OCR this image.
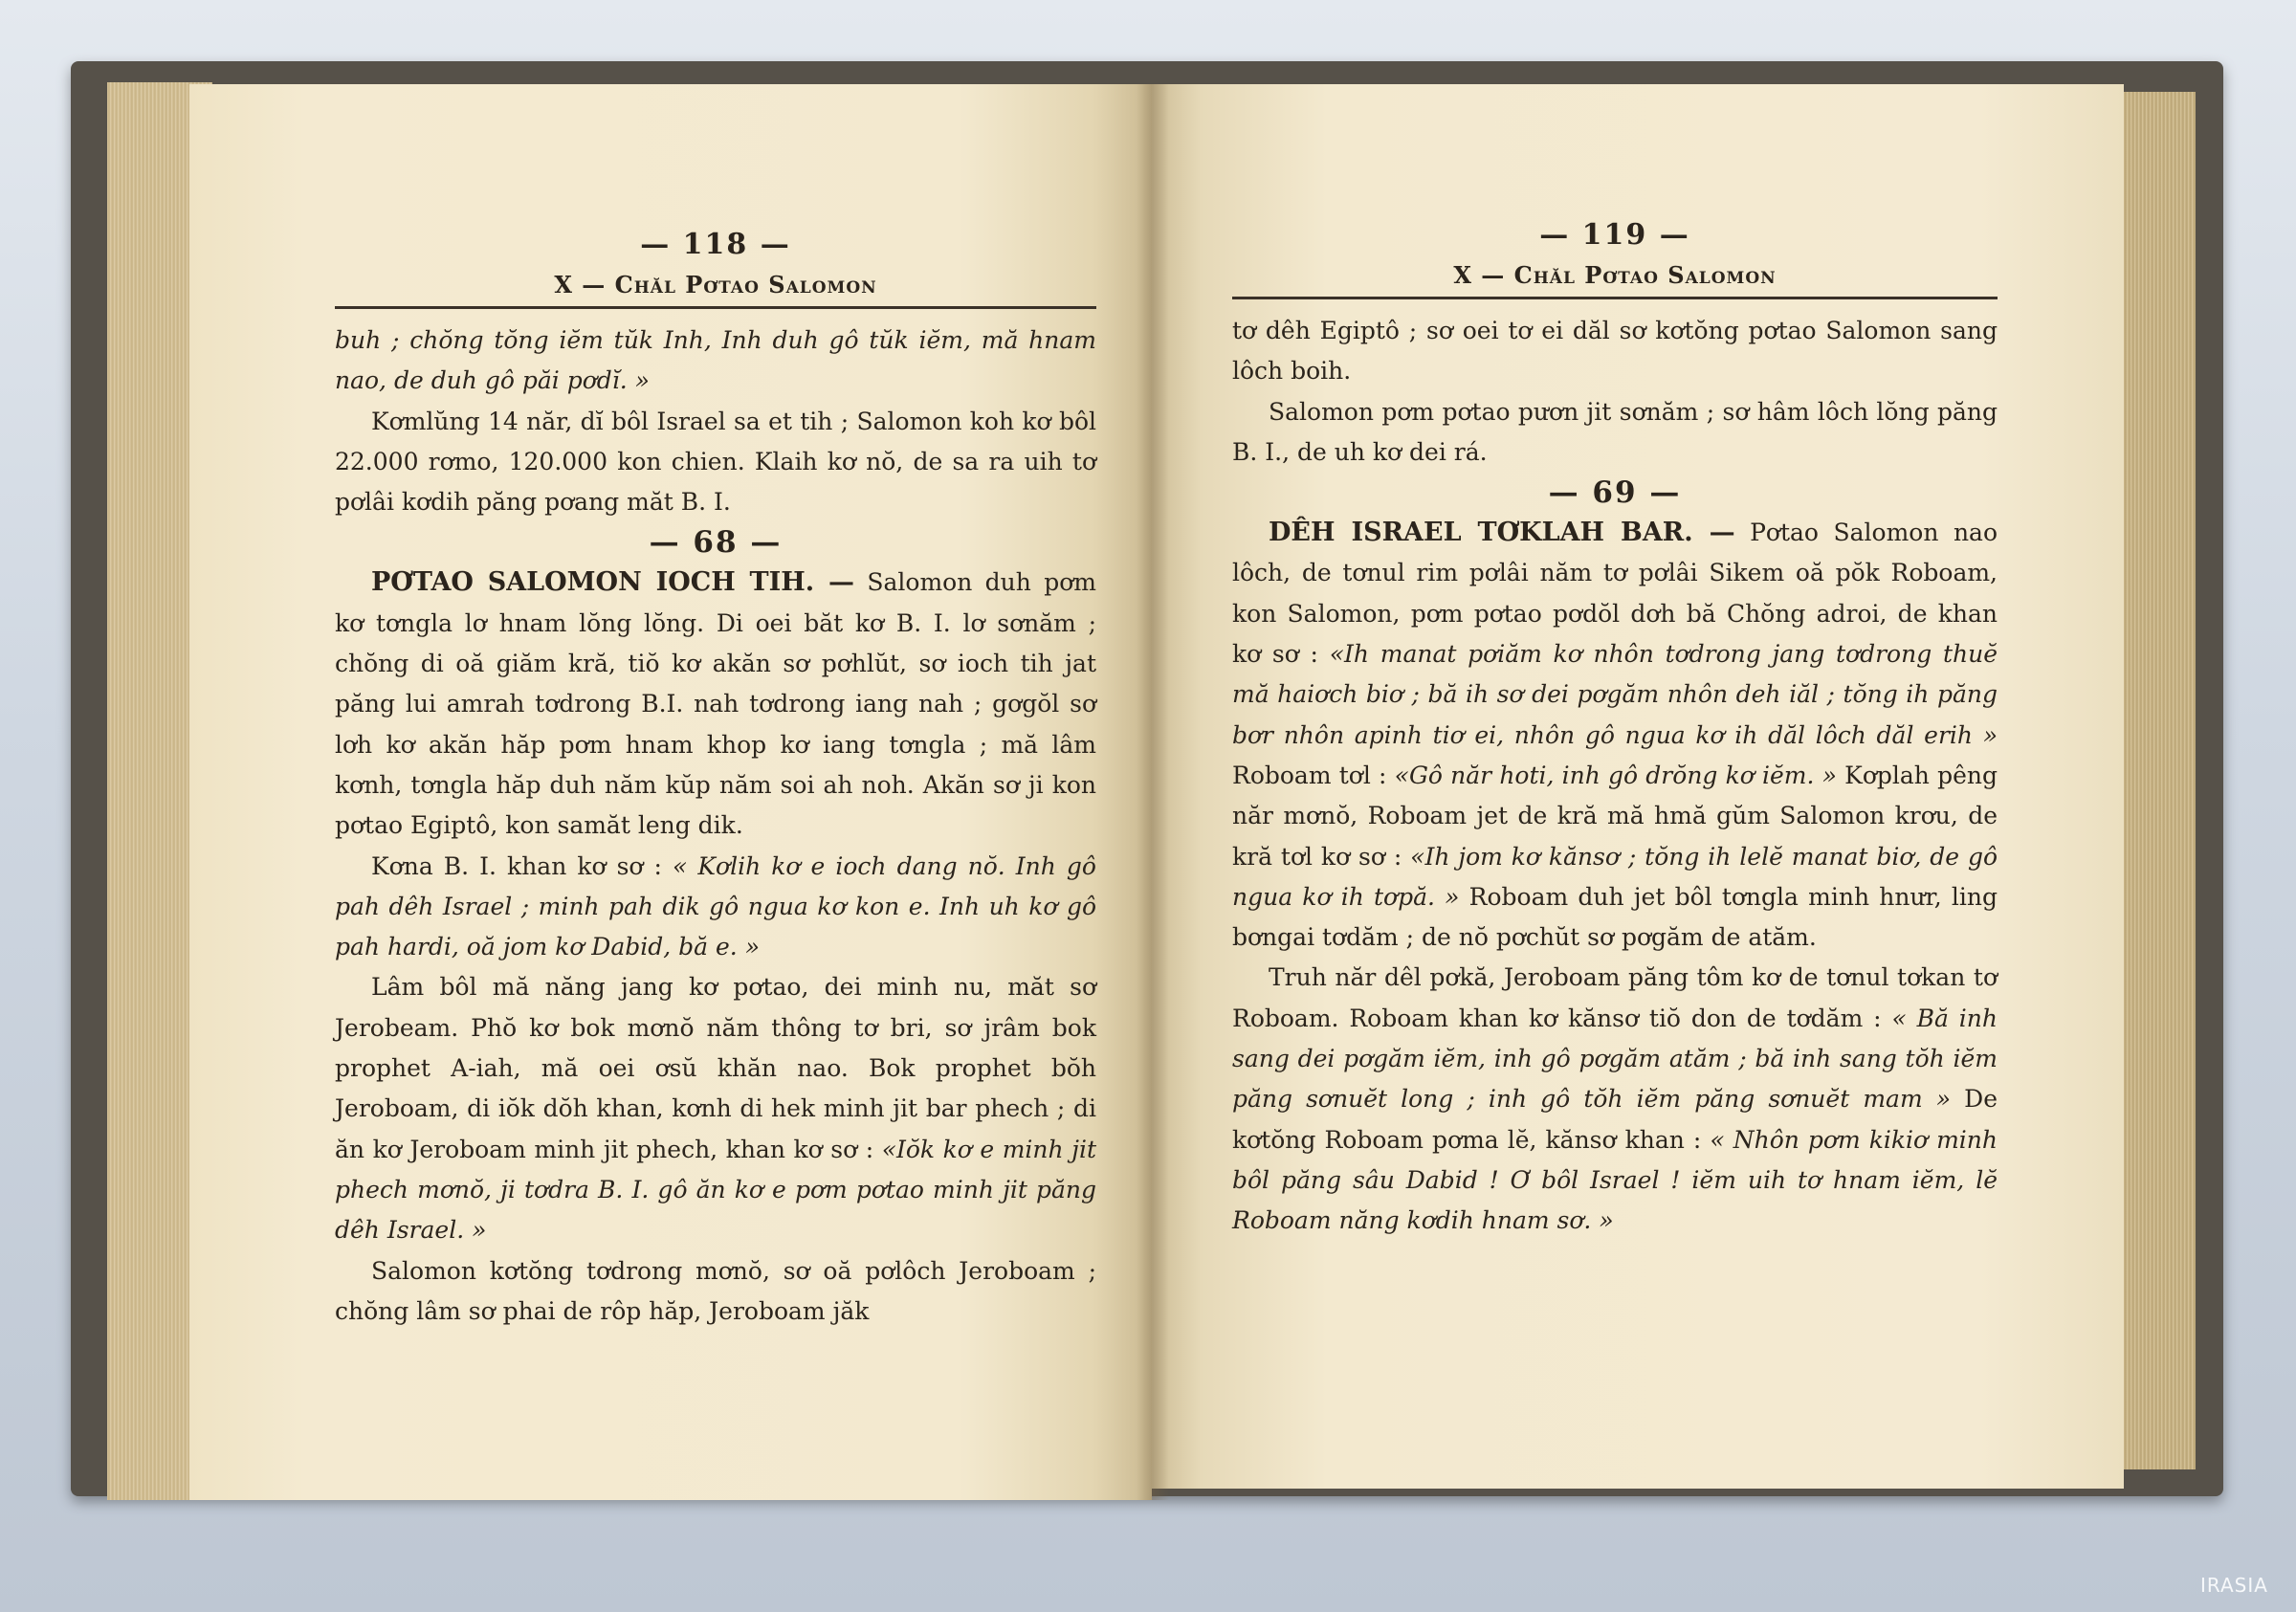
— 118 —

X — Chăl Pơtao Salomon

buh ; chŏng tŏng iĕm tŭk Inh, Inh duh gô tŭk iĕm, mă hnam nao, de duh gô păi pơdĭ. »

Kơmlŭng 14 năr, dĭ bôl Israel sa et tih ; Salomon koh kơ bôl 22.000 rơmo, 120.000 kon chien. Klaih kơ nŏ, de sa ra uih tơ pơlâi kơdih păng pơang măt B. I.

— 68 —

PƠTAO SALOMON IOCH TIH. — Salomon duh pơm kơ tơngla lơ hnam lŏng lŏng. Di oei băt kơ B. I. lơ sơnăm ; chŏng di oă giăm kră, tiŏ kơ akăn sơ pơhlŭt, sơ ioch tih jat păng lui amrah tơdrong B.I. nah tơdrong iang nah ; gơgŏl sơ lơh kơ akăn hăp pơm hnam khop kơ iang tơngla ; mă lâm kơnh, tơngla hăp duh năm kŭp năm soi ah noh. Akăn sơ ji kon pơtao Egiptô, kon samăt leng dik.

Kơna B. I. khan kơ sơ : « Kơlih kơ e ioch dang nŏ. Inh gô pah dêh Israel ; minh pah dik gô ngua kơ kon e. Inh uh kơ gô pah hardi, oă jom kơ Dabid, bă e. »

Lâm bôl mă năng jang kơ pơtao, dei minh nu, măt sơ Jerobeam. Phŏ kơ bok mơnŏ năm thông tơ bri, sơ jrâm bok prophet A-iah, mă oei ơsŭ khăn nao. Bok prophet bŏh Jeroboam, di iŏk dŏh khan, kơnh di hek minh jit bar phech ; di ăn kơ Jeroboam minh jit phech, khan kơ sơ : «Iŏk kơ e minh jit phech mơnŏ, ji tơdra B. I. gô ăn kơ e pơm pơtao minh jit păng dêh Israel. »

Salomon kơtŏng tơdrong mơnŏ, sơ oă pơlôch Jeroboam ; chŏng lâm sơ phai de rôp hăp, Jeroboam jăk

— 119 —

X — Chăl Pơtao Salomon

tơ dêh Egiptô ; sơ oei tơ ei dăl sơ kơtŏng pơtao Salomon sang lôch boih.

Salomon pơm pơtao pươn jit sơnăm ; sơ hâm lôch lŏng păng B. I., de uh kơ dei rá.

— 69 —

DÊH ISRAEL TƠKLAH BAR. — Pơtao Salomon nao lôch, de tơnul rim pơlâi năm tơ pơlâi Sikem oă pŏk Roboam, kon Salomon, pơm pơtao pơdŏl dơh bă Chŏng adroi, de khan kơ sơ : «Ih manat pơiăm kơ nhôn tơdrong jang tơdrong thuĕ mă haiơch biơ ; bă ih sơ dei pơgăm nhôn deh iăl ; tŏng ih păng bơr nhôn apinh tiơ ei, nhôn gô ngua kơ ih dăl lôch dăl erih » Roboam tơl : «Gô năr hoti, inh gô drŏng kơ iĕm. » Kơplah pêng năr mơnŏ, Roboam jet de kră mă hmă gŭm Salomon krơu, de kră tơl kơ sơ : «Ih jom kơ kănsơ ; tŏng ih lelĕ manat biơ, de gô ngua kơ ih tơpă. » Roboam duh jet bôl tơngla minh hnưr, ling bơngai tơdăm ; de nŏ pơchŭt sơ pơgăm de atăm.

Truh năr dêl pơkă, Jeroboam păng tôm kơ de tơnul tơkan tơ Roboam. Roboam khan kơ kănsơ tiŏ don de tơdăm : « Bă inh sang dei pơgăm iĕm, inh gô pơgăm atăm ; bă inh sang tŏh iĕm păng sơnuĕt long ; inh gô tŏh iĕm păng sơnuĕt mam » De kơtŏng Roboam pơma lĕ, kănsơ khan : « Nhôn pơm kikiơ minh bôl păng sâu Dabid ! Ơ bôl Israel ! iĕm uih tơ hnam iĕm, lĕ Roboam năng kơdih hnam sơ. »

IRASIA
